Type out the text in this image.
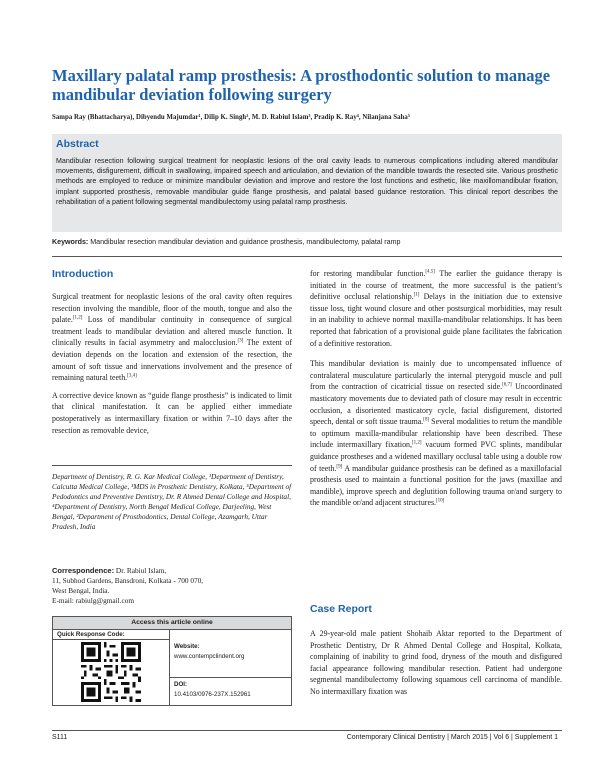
Maxillary palatal ramp prosthesis: A prosthodontic solution to manage mandibular deviation following surgery
Sampa Ray (Bhattacharya), Dibyendu Majumdar¹, Dilip K. Singh², M. D. Rabiul Islam³, Pradip K. Ray⁴, Nilanjana Saha⁵
Abstract

Mandibular resection following surgical treatment for neoplastic lesions of the oral cavity leads to numerous complications including altered mandibular movements, disfigurement, difficult in swallowing, impaired speech and articulation, and deviation of the mandible towards the resected site. Various prosthetic methods are employed to reduce or minimize mandibular deviation and improve and restore the lost functions and esthetic, like maxillomandibular fixation, implant supported prosthesis, removable mandibular guide flange prosthesis, and palatal based guidance restoration. This clinical report describes the rehabilitation of a patient following segmental mandibulectomy using palatal ramp prosthesis.

Keywords: Mandibular resection mandibular deviation and guidance prosthesis, mandibulectomy, palatal ramp
Introduction

Surgical treatment for neoplastic lesions of the oral cavity often requires resection involving the mandible, floor of the mouth, tongue and also the palate.[1,2] Loss of mandibular continuity in consequence of surgical treatment leads to mandibular deviation and altered muscle function. It clinically results in facial asymmetry and malocclusion.[3] The extent of deviation depends on the location and extension of the resection, the amount of soft tissue and innervations involvement and the presence of remaining natural teeth.[3,4]

A corrective device known as “guide flange prosthesis” is indicated to limit that clinical manifestation. It can be applied either immediate postoperatively as intermaxillary fixation or within 7–10 days after the resection as removable device,

Department of Dentistry, R. G. Kar Medical College, ¹Department of Dentistry, Calcutta Medical College, ³MDS in Prosthetic Dentistry, Kolkata, ⁵Department of Pedodontics and Preventive Dentistry, Dr. R Ahmed Dental College and Hospital, ⁴Department of Dentistry, North Bengal Medical College, Darjeeling, West Bengal, ²Department of Prosthodontics, Dental College, Azamgarh, Uttar Pradesh, India
Correspondence: Dr. Rabiul Islam,
11, Subhod Gardens, Bansdroni, Kolkata - 700 070,
West Bengal, India.
E-mail: rabiulg@gmail.com
Access this article online
Quick Response Code:
Website:
www.contempclindent.org
DOI:
10.4103/0976-237X.152961

for restoring mandibular function.[4,5] The earlier the guidance therapy is initiated in the course of treatment, the more successful is the patient’s definitive occlusal relationship.[1] Delays in the initiation due to extensive tissue loss, tight wound closure and other postsurgical morbidities, may result in an inability to achieve normal maxilla-mandibular relationships. It has been reported that fabrication of a provisional guide plane facilitates the fabrication of a definitive restoration.

This mandibular deviation is mainly due to uncompensated influence of contralateral musculature particularly the internal pterygoid muscle and pull from the contraction of cicatricial tissue on resected side.[6,7] Uncoordinated masticatory movements due to deviated path of closure may result in eccentric occlusion, a disoriented masticatory cycle, facial disfigurement, distorted speech, dental or soft tissue trauma.[8] Several modalities to return the mandible to optimum maxilla-mandibular relationship have been described. These include intermaxillary fixation,[1,2] vacuum formed PVC splints, mandibular guidance prostheses and a widened maxillary occlusal table using a double row of teeth.[9] A mandibular guidance prosthesis can be defined as a maxillofacial prosthesis used to maintain a functional position for the jaws (maxillae and mandible), improve speech and deglutition following trauma or/and surgery to the mandible or/and adjacent structures.[10]

Case Report

A 29-year-old male patient Shohaib Aktar reported to the Department of Prosthetic Dentistry, Dr R Ahmed Dental College and Hospital, Kolkata, complaining of inability to grind food, dryness of the mouth and disfigured facial appearance following mandibular resection. Patient had undergone segmental mandibulectomy following squamous cell carcinoma of mandible. No intermaxillary fixation was

S111	Contemporary Clinical Dentistry | March 2015 | Vol 6 | Supplement 1
